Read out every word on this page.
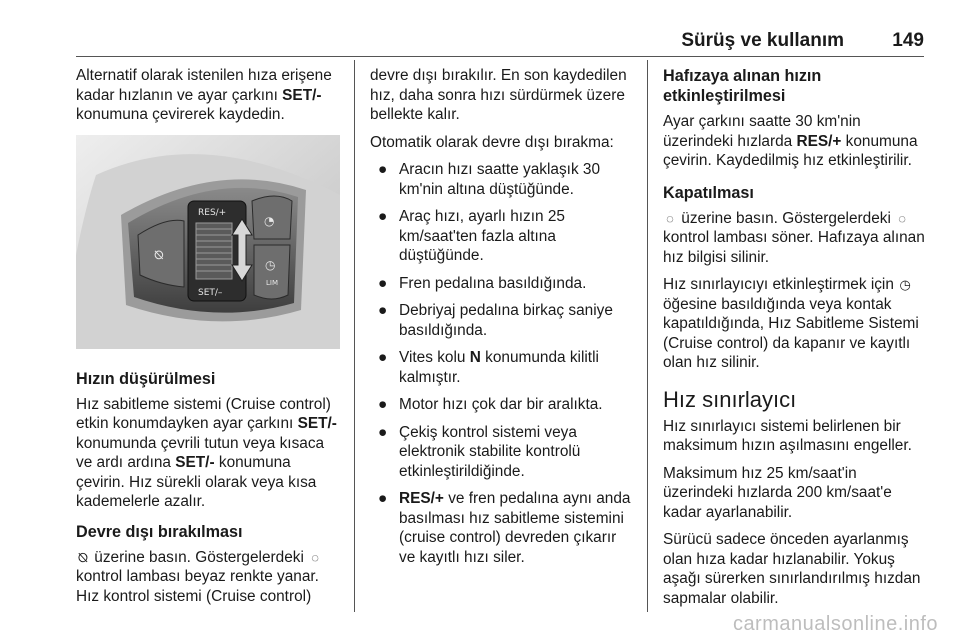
Sürüş ve kullanım	149

Alternatif olarak istenilen hıza erişene kadar hızlanın ve ayar çarkını SET/- konumuna çevirerek kaydedin.

⦰
RES/+
SET/–
◔
◷
LIM
Hızın düşürülmesi

Hız sabitleme sistemi (Cruise control) etkin konumdayken ayar çarkını SET/- konumunda çevrili tutun veya kısaca ve ardı ardına SET/- konumuna çevirin. Hız sürekli olarak veya kısa kademelerle azalır.

Devre dışı bırakılması

⦰ üzerine basın. Göstergelerdeki ◌ kontrol lambası beyaz renkte yanar. Hız kontrol sistemi (Cruise control)

devre dışı bırakılır. En son kaydedilen hız, daha sonra hızı sürdürmek üzere bellekte kalır.

Otomatik olarak devre dışı bırakma:

● Aracın hızı saatte yaklaşık 30 km'nin altına düştüğünde.
● Araç hızı, ayarlı hızın 25 km/saat'ten fazla altına düştüğünde.
● Fren pedalına basıldığında.
● Debriyaj pedalına birkaç saniye basıldığında.
● Vites kolu N konumunda kilitli kalmıştır.
● Motor hızı çok dar bir aralıkta.
● Çekiş kontrol sistemi veya elektronik stabilite kontrolü etkinleştirildiğinde.
● RES/+ ve fren pedalına aynı anda basılması hız sabitleme sistemini (cruise control) devreden çıkarır ve kayıtlı hızı siler.
Hafızaya alınan hızın etkinleştirilmesi

Ayar çarkını saatte 30 km'nin üzerindeki hızlarda RES/+ konumuna çevirin. Kaydedilmiş hız etkinleştirilir.

Kapatılması

◌ üzerine basın. Göstergelerdeki ◌ kontrol lambası söner. Hafızaya alınan hız bilgisi silinir.

Hız sınırlayıcıyı etkinleştirmek için ◷ öğesine basıldığında veya kontak kapatıldığında, Hız Sabitleme Sistemi (Cruise control) da kapanır ve kayıtlı olan hız silinir.

Hız sınırlayıcı

Hız sınırlayıcı sistemi belirlenen bir maksimum hızın aşılmasını engeller.

Maksimum hız 25 km/saat'in üzerindeki hızlarda 200 km/saat'e kadar ayarlanabilir.

Sürücü sadece önceden ayarlanmış olan hıza kadar hızlanabilir. Yokuş aşağı sürerken sınırlandırılmış hızdan sapmalar olabilir.

carmanualsonline.info
